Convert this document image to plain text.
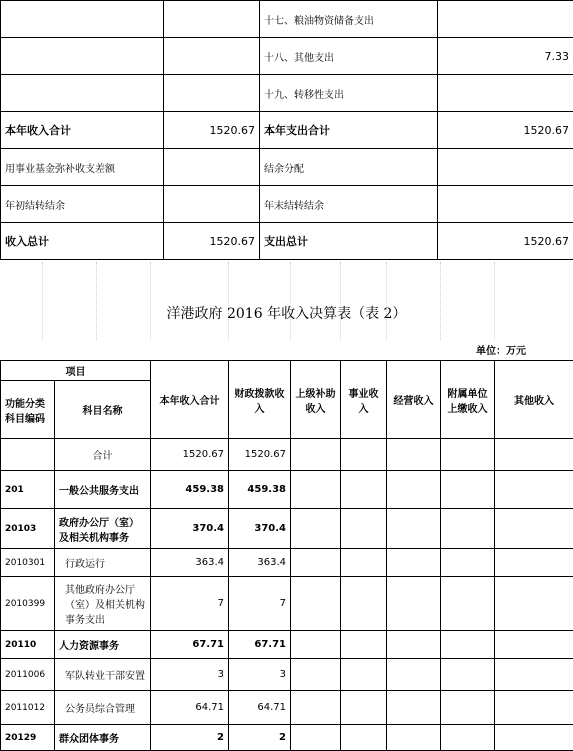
		十七、粮油物资储备支出	
		十八、其他支出	7.33
		十九、转移性支出	
本年收入合计	1520.67	本年支出合计	1520.67
用事业基金弥补收支差额		结余分配	
年初结转结余		年末结转结余	
收入总计	1520.67	支出总计	1520.67
洋港政府 2016 年收入决算表（表 2）
单位：万元
项目		本年收入合计	财政拨款收入	上级补助收入	事业收入	经营收入	附属单位上缴收入	其他收入
功能分类科目编码	科目名称							
	合计	1520.67	1520.67					
201	一般公共服务支出	459.38	459.38					
20103	政府办公厅（室）及相关机构事务	370.4	370.4					
2010301	行政运行	363.4	363.4					
2010399	其他政府办公厅（室）及相关机构事务支出	7	7					
20110	人力资源事务	67.71	67.71					
2011006	军队转业干部安置	3	3					
2011012	公务员综合管理	64.71	64.71					
20129	群众团体事务	2	2					
